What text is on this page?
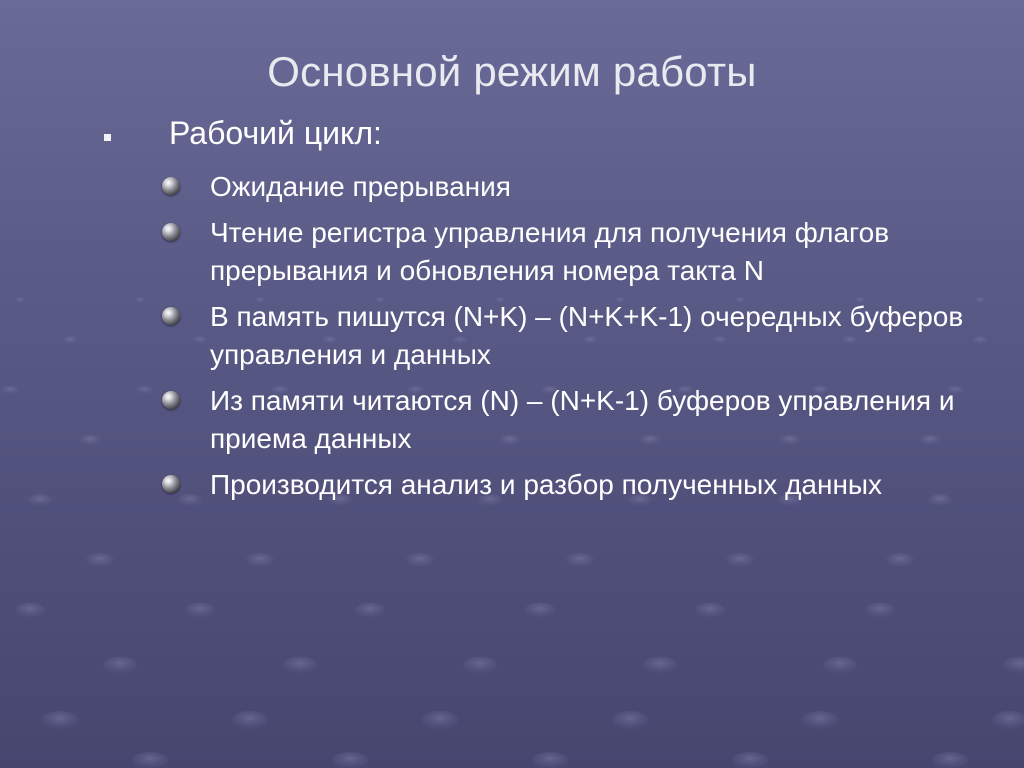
Основной режим работы
Рабочий цикл:
Ожидание прерывания
Чтение регистра управления для получения флагов прерывания и обновления номера такта N
В память пишутся (N+K) – (N+K+K-1) очередных буферов управления и данных
Из памяти читаются (N) – (N+K-1) буферов управления и приема данных
Производится анализ и разбор полученных данных
